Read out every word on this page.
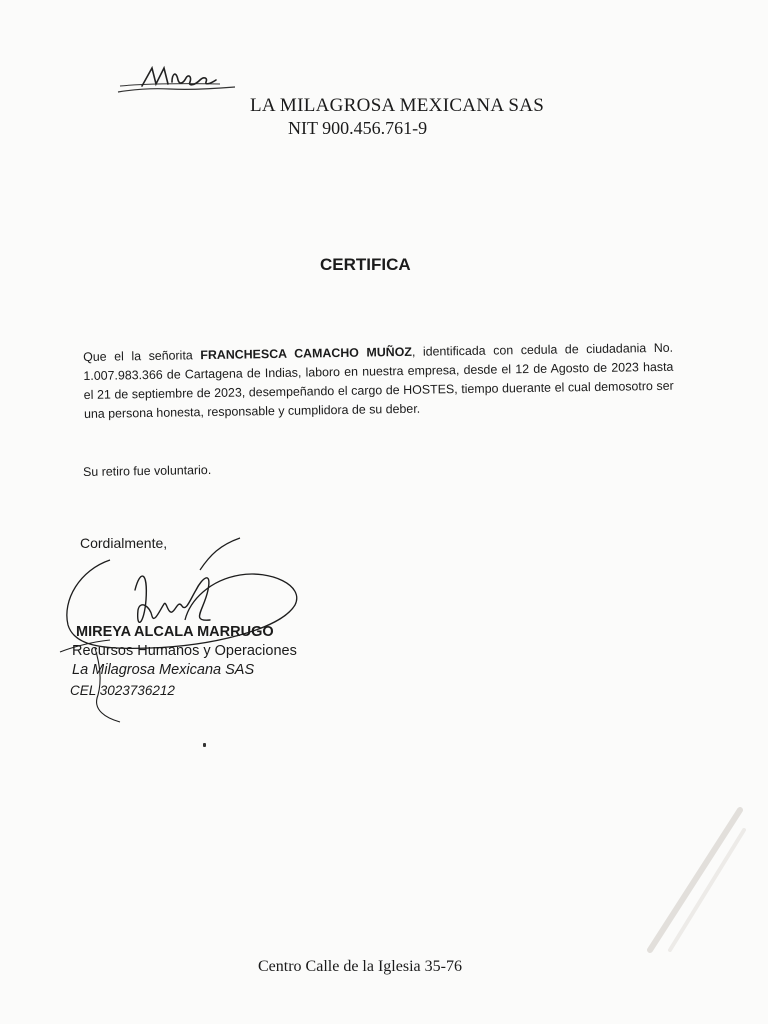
LA MILAGROSA MEXICANA SAS
NIT 900.456.761-9
CERTIFICA
Que el la señorita FRANCHESCA CAMACHO MUÑOZ, identificada con cedula de ciudadania No. 1.007.983.366 de Cartagena de Indias, laboro en nuestra empresa, desde el 12 de Agosto de 2023 hasta el 21 de septiembre de 2023, desempeñando el cargo de HOSTES, tiempo duerante el cual demosotro ser una persona honesta, responsable y cumplidora de su deber.
Su retiro fue voluntario.
Cordialmente,
MIREYA ALCALA MARRUGO
Recursos Humanos y Operaciones
La Milagrosa Mexicana SAS
CEL 3023736212
Centro Calle de la Iglesia 35-76
